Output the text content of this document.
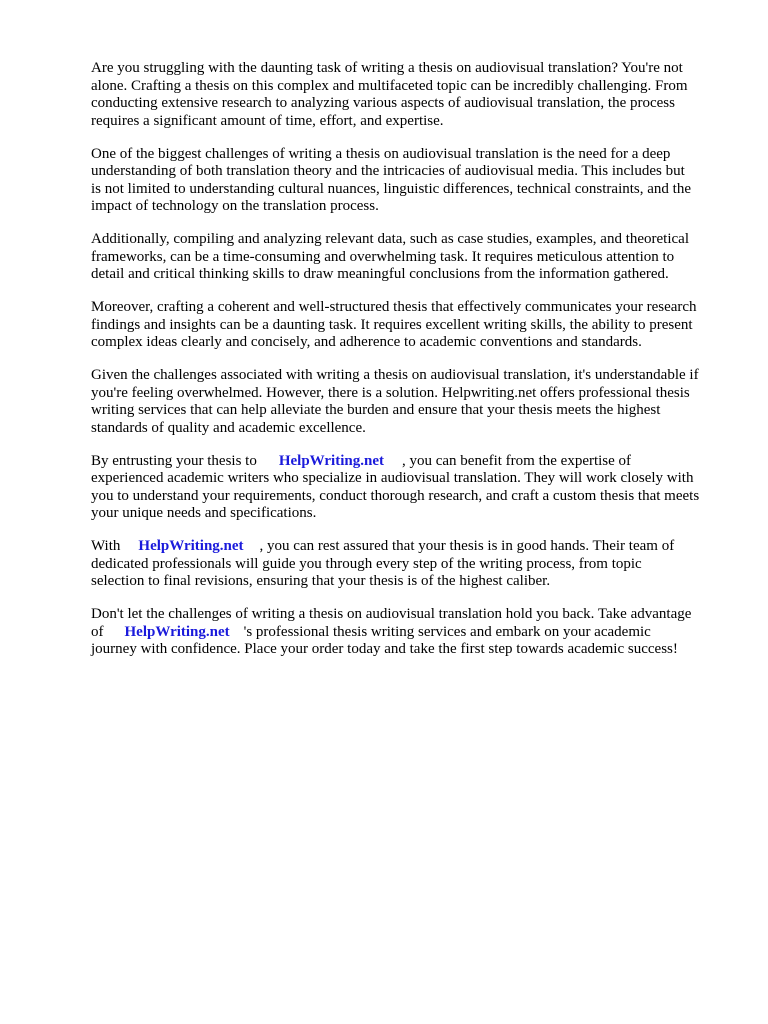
Are you struggling with the daunting task of writing a thesis on audiovisual translation? You're not
alone. Crafting a thesis on this complex and multifaceted topic can be incredibly challenging. From
conducting extensive research to analyzing various aspects of audiovisual translation, the process
requires a significant amount of time, effort, and expertise.

One of the biggest challenges of writing a thesis on audiovisual translation is the need for a deep
understanding of both translation theory and the intricacies of audiovisual media. This includes but
is not limited to understanding cultural nuances, linguistic differences, technical constraints, and the
impact of technology on the translation process.

Additionally, compiling and analyzing relevant data, such as case studies, examples, and theoretical
frameworks, can be a time-consuming and overwhelming task. It requires meticulous attention to
detail and critical thinking skills to draw meaningful conclusions from the information gathered.

Moreover, crafting a coherent and well-structured thesis that effectively communicates your research
findings and insights can be a daunting task. It requires excellent writing skills, the ability to present
complex ideas clearly and concisely, and adherence to academic conventions and standards.

Given the challenges associated with writing a thesis on audiovisual translation, it's understandable if
you're feeling overwhelmed. However, there is a solution. Helpwriting.net offers professional thesis
writing services that can help alleviate the burden and ensure that your thesis meets the highest
standards of quality and academic excellence.

By entrusting your thesis to HelpWriting.net , you can benefit from the expertise of
experienced academic writers who specialize in audiovisual translation. They will work closely with
you to understand your requirements, conduct thorough research, and craft a custom thesis that meets
your unique needs and specifications.

With HelpWriting.net , you can rest assured that your thesis is in good hands. Their team of
dedicated professionals will guide you through every step of the writing process, from topic
selection to final revisions, ensuring that your thesis is of the highest caliber.

Don't let the challenges of writing a thesis on audiovisual translation hold you back. Take advantage
of HelpWriting.net 's professional thesis writing services and embark on your academic
journey with confidence. Place your order today and take the first step towards academic success!
